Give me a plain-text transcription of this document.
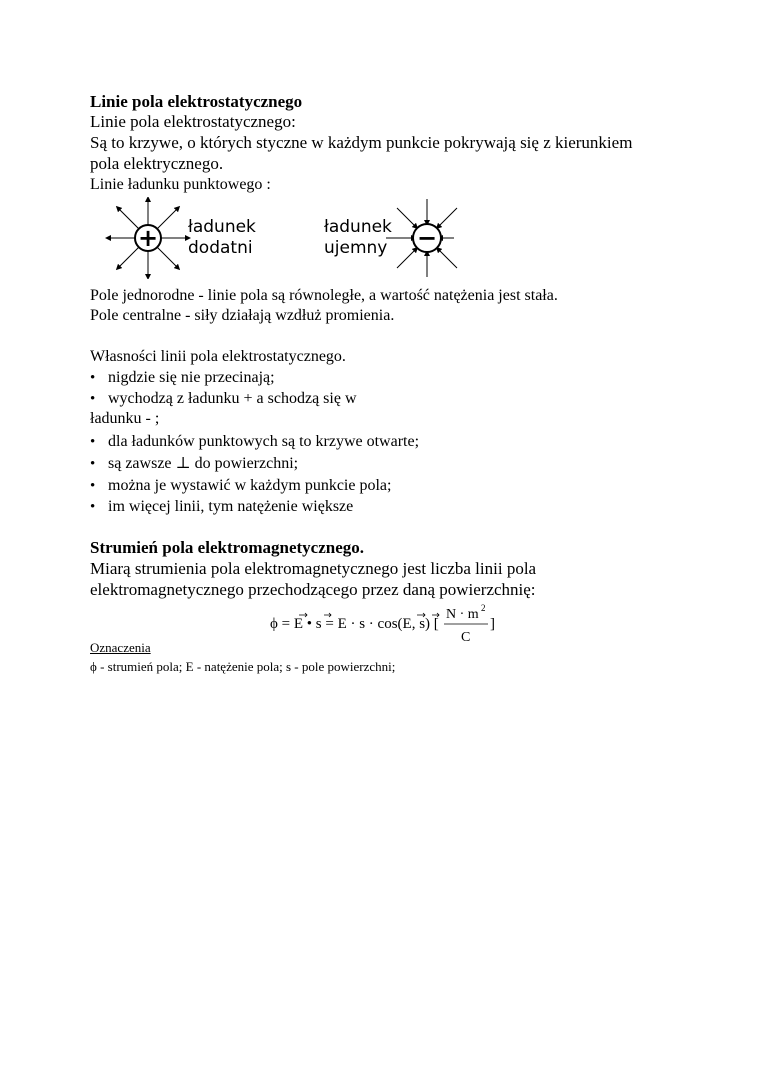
Linie pola elektrostatycznego
Linie pola elektrostatycznego:
Są to krzywe, o których styczne w każdym punkcie pokrywają się z kierunkiem
pola elektrycznego.
Linie ładunku punktowego :
+ ładunek
dodatni
ładunek
ujemny −
Pole jednorodne - linie pola są równoległe, a wartość natężenia jest stała.
Pole centralne - siły działają wzdłuż promienia.
Własności linii pola elektrostatycznego.
• nigdzie się nie przecinają;
• wychodzą z ładunku + a schodzą się w
ładunku - ;
• dla ładunków punktowych są to krzywe otwarte;
• są zawsze ⊥ do powierzchni;
• można je wystawić w każdym punkcie pola;
• im więcej linii, tym natężenie większe
Strumień pola elektromagnetycznego.
Miarą strumienia pola elektromagnetycznego jest liczba linii pola
elektromagnetycznego przechodzącego przez daną powierzchnię:
ϕ = E • s = E · s · cos(E, s) [
N · m 2
C
]
Oznaczenia
ϕ - strumień pola; E - natężenie pola; s - pole powierzchni;
